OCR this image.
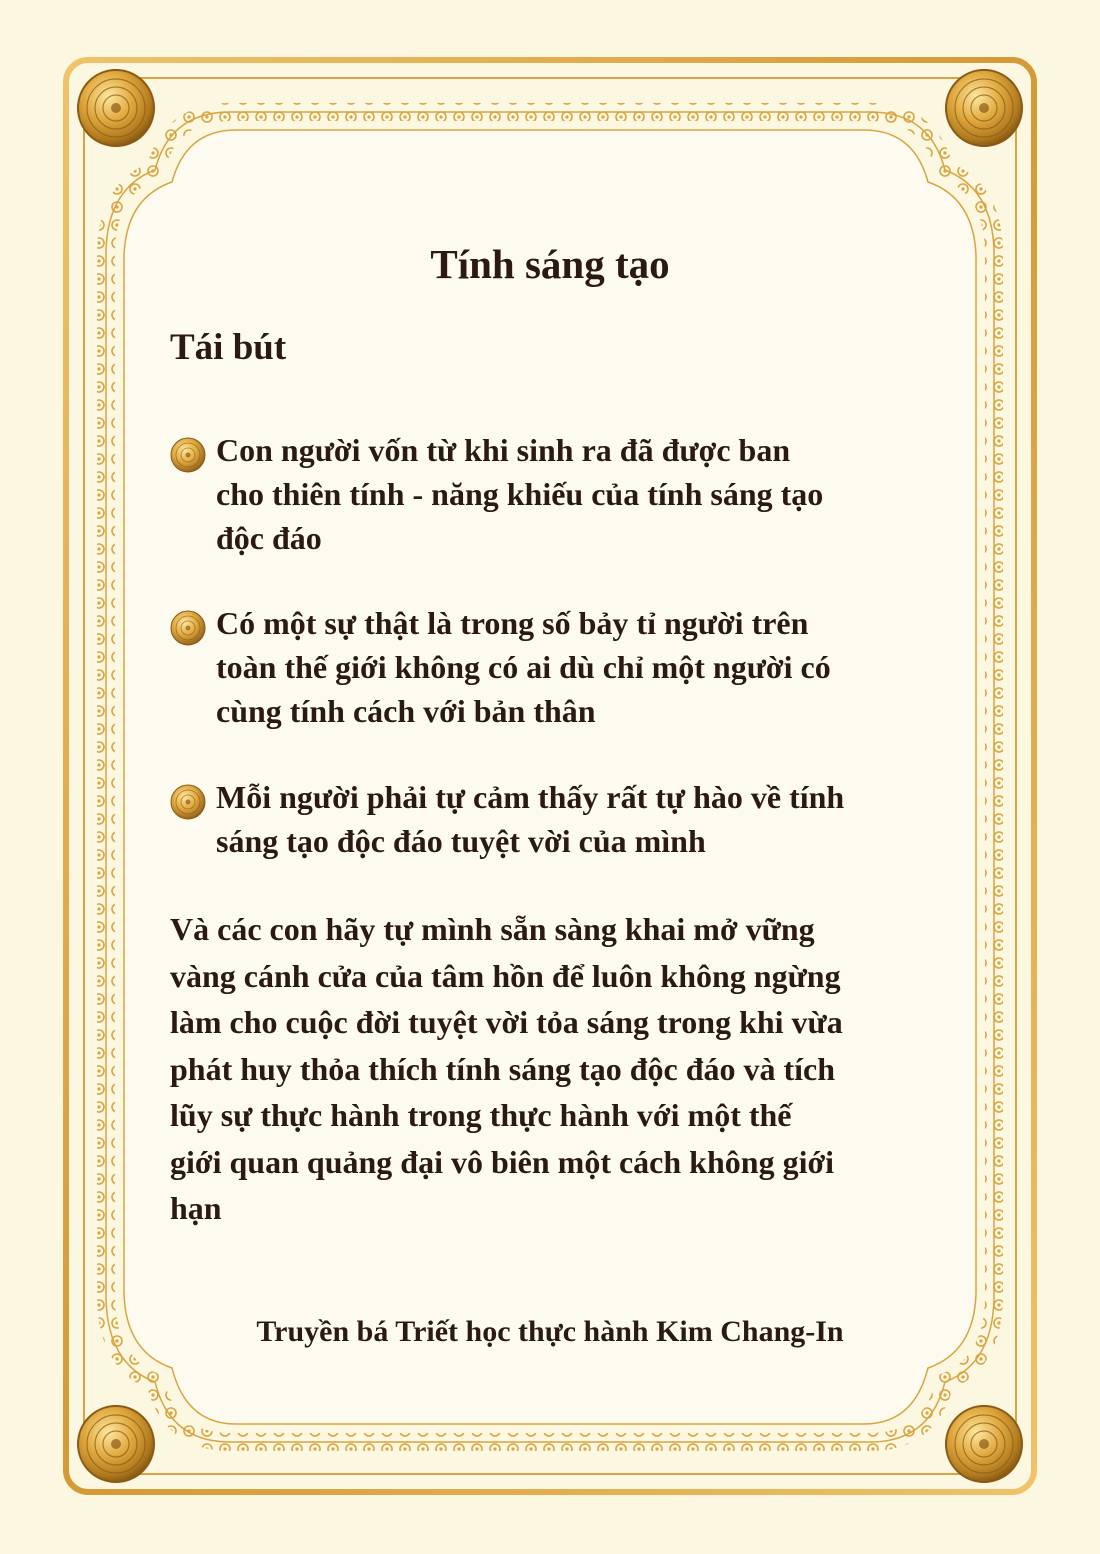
Tính sáng tạo
Tái bút
Con người vốn từ khi sinh ra đã được ban
cho thiên tính - năng khiếu của tính sáng tạo
độc đáo
Có một sự thật là trong số bảy tỉ người trên
toàn thế giới không có ai dù chỉ một người có
cùng tính cách với bản thân
Mỗi người phải tự cảm thấy rất tự hào về tính
sáng tạo độc đáo tuyệt vời của mình

Và các con hãy tự mình sẵn sàng khai mở vững
vàng cánh cửa của tâm hồn để luôn không ngừng
làm cho cuộc đời tuyệt vời tỏa sáng trong khi vừa
phát huy thỏa thích tính sáng tạo độc đáo và tích
lũy sự thực hành trong thực hành với một thế
giới quan quảng đại vô biên một cách không giới
hạn

Truyền bá Triết học thực hành Kim Chang-In
